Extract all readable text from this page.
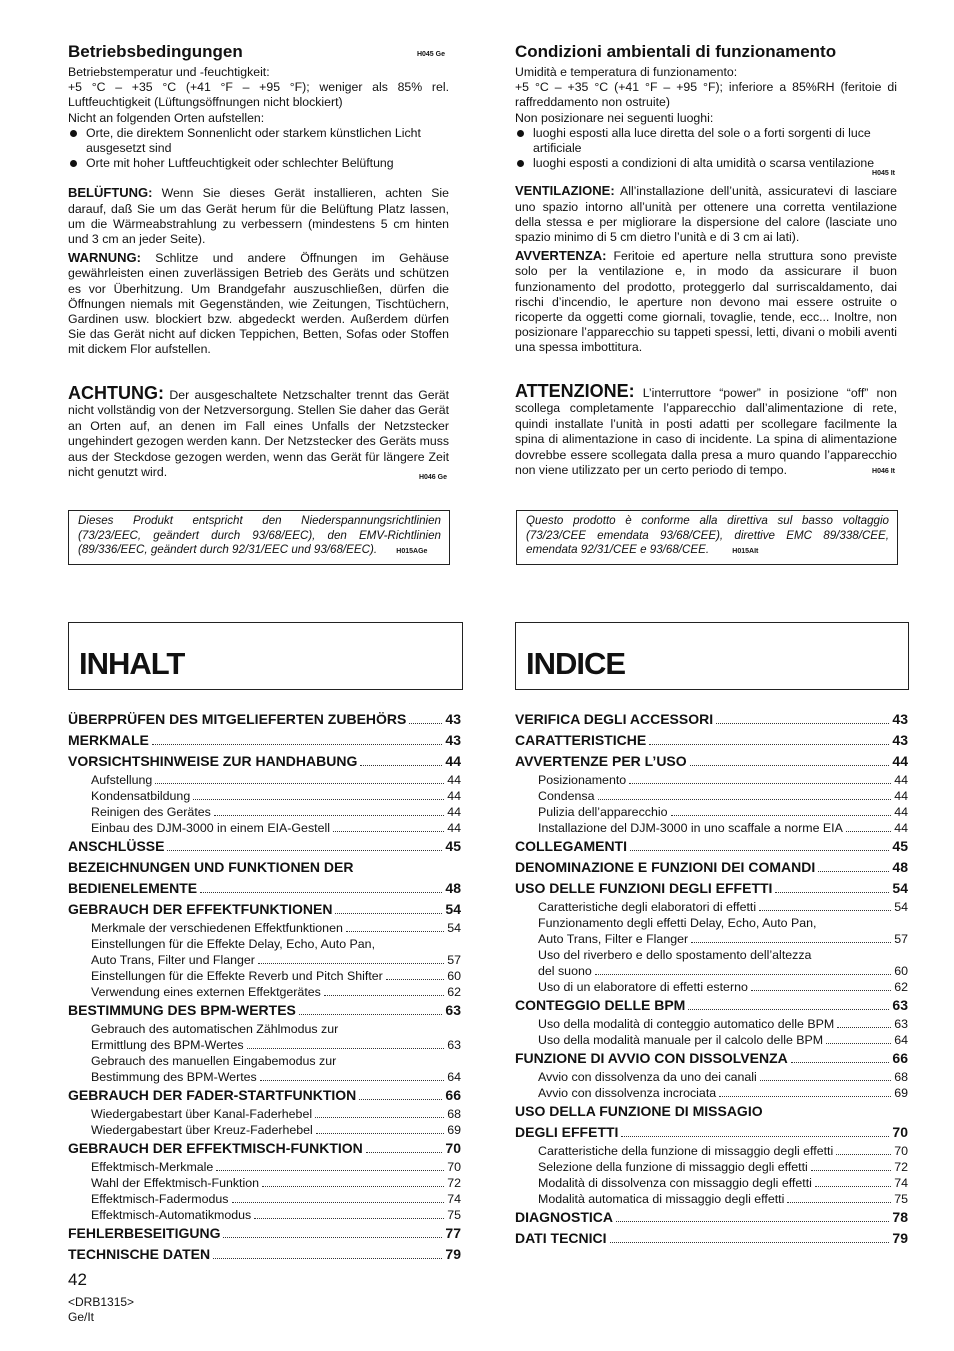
Betriebsbedingungen	H045 Ge

Betriebstemperatur und -feuchtigkeit:

+5 °C – +35 °C (+41 °F – +95 °F); weniger als 85% rel. Luftfeuchtigkeit (Lüftungsöffnungen nicht blockiert)

Nicht an folgenden Orten aufstellen:

Orte, die direktem Sonnenlicht oder starkem künstlichen Licht ausgesetzt sind

Orte mit hoher Luftfeuchtigkeit oder schlechter Belüftung

BELÜFTUNG: Wenn Sie dieses Gerät installieren, achten Sie darauf, daß Sie um das Gerät herum für die Belüftung Platz lassen, um die Wärmeabstrahlung zu verbessern (mindestens 5 cm hinten und 3 cm an jeder Seite).

WARNUNG: Schlitze und andere Öffnungen im Gehäuse gewährleisten einen zuverlässigen Betrieb des Geräts und schützen es vor Überhitzung. Um Brandgefahr auszuschließen, dürfen die Öffnungen niemals mit Gegenständen, wie Zeitungen, Tischtüchern, Gardinen usw. blockiert bzw. abgedeckt werden. Außerdem dürfen Sie das Gerät nicht auf dicken Teppichen, Betten, Sofas oder Stoffen mit dickem Flor aufstellen.

ACHTUNG: Der ausgeschaltete Netzschalter trennt das Gerät nicht vollständig von der Netzversorgung. Stellen Sie daher das Gerät an Orten auf, an denen im Fall eines Unfalls der Netzstecker ungehindert gezogen werden kann. Der Netzstecker des Geräts muss aus der Steckdose gezogen werden, wenn das Gerät für längere Zeit nicht genutzt wird.	H046 Ge
Dieses Produkt entspricht den Niederspannungsrichtlinien (73/23/EEC, geändert durch 93/68/EEC), den EMV-Richtlinien (89/336/EEC, geändert durch 92/31/EEC und 93/68/EEC).	H015AGe
Condizioni ambientali di funzionamento

Umidità e temperatura di funzionamento:

+5 °C – +35 °C (+41 °F – +95 °F); inferiore a 85%RH (feritoie di raffreddamento non ostruite)

Non posizionare nei seguenti luoghi:

luoghi esposti alla luce diretta del sole o a forti sorgenti di luce artificiale

luoghi esposti a condizioni di alta umidità o scarsa ventilazione

H045 It

VENTILAZIONE: All’installazione dell’unità, assicuratevi di lasciare uno spazio intorno all’unità per ottenere una corretta ventilazione della stessa e per migliorare la dispersione del calore (lasciate uno spazio minimo di 5 cm dietro l’unità e di 3 cm ai lati).

AVVERTENZA: Feritoie ed aperture nella struttura sono previste solo per la ventilazione e, in modo da assicurare il buon funzionamento del prodotto, proteggerlo dal surriscaldamento, dai rischi d’incendio, le aperture non devono mai essere ostruite o ricoperte da oggetti come giornali, tovaglie, tende, ecc... Inoltre, non posizionare l’apparecchio su tappeti spessi, letti, divani o mobili aventi una spessa imbottitura.

ATTENZIONE: L’interruttore “power” in posizione “off” non scollega completamente l’apparecchio dall’alimentazione di rete, quindi installate l’unità in posti adatti per scollegare facilmente la spina di alimentazione in caso di incidente. La spina di alimentazione dovrebbe essere scollegata dalla presa a muro quando l’apparecchio non viene utilizzato per un certo periodo di tempo.	H046 It
Questo prodotto è conforme alla direttiva sul basso voltaggio (73/23/CEE emendata 93/68/CEE), direttive EMC 89/338/CEE, emendata 92/31/CEE e 93/68/CEE.	H015AIt
INHALT	INDICE
ÜBERPRÜFEN DES MITGELIEFERTEN ZUBEHÖRS	43
MERKMALE	43
VORSICHTSHINWEISE ZUR HANDHABUNG	44
Aufstellung	44
Kondensatbildung	44
Reinigen des Gerätes	44
Einbau des DJM-3000 in einem EIA-Gestell	44
ANSCHLÜSSE	45
BEZEICHNUNGEN UND FUNKTIONEN DER
BEDIENELEMENTE	48
GEBRAUCH DER EFFEKTFUNKTIONEN	54
Merkmale der verschiedenen Effektfunktionen	54
Einstellungen für die Effekte Delay, Echo, Auto Pan,
Auto Trans, Filter und Flanger	57
Einstellungen für die Effekte Reverb und Pitch Shifter	60
Verwendung eines externen Effektgerätes	62
BESTIMMUNG DES BPM-WERTES	63
Gebrauch des automatischen Zählmodus zur
Ermittlung des BPM-Wertes	63
Gebrauch des manuellen Eingabemodus zur
Bestimmung des BPM-Wertes	64
GEBRAUCH DER FADER-STARTFUNKTION	66
Wiedergabestart über Kanal-Faderhebel	68
Wiedergabestart über Kreuz-Faderhebel	69
GEBRAUCH DER EFFEKTMISCH-FUNKTION	70
Effektmisch-Merkmale	70
Wahl der Effektmisch-Funktion	72
Effektmisch-Fadermodus	74
Effektmisch-Automatikmodus	75
FEHLERBESEITIGUNG	77
TECHNISCHE DATEN	79
VERIFICA DEGLI ACCESSORI	43
CARATTERISTICHE	43
AVVERTENZE PER L’USO	44
Posizionamento	44
Condensa	44
Pulizia dell’apparecchio	44
Installazione del DJM-3000 in uno scaffale a norme EIA	44
COLLEGAMENTI	45
DENOMINAZIONE E FUNZIONI DEI COMANDI	48
USO DELLE FUNZIONI DEGLI EFFETTI	54
Caratteristiche degli elaboratori di effetti	54
Funzionamento degli effetti Delay, Echo, Auto Pan,
Auto Trans, Filter e Flanger	57
Uso del riverbero e dello spostamento dell’altezza
del suono	60
Uso di un elaboratore di effetti esterno	62
CONTEGGIO DELLE BPM	63
Uso della modalità di conteggio automatico delle BPM	63
Uso della modalità manuale per il calcolo delle BPM	64
FUNZIONE DI AVVIO CON DISSOLVENZA	66
Avvio con dissolvenza da uno dei canali	68
Avvio con dissolvenza incrociata	69
USO DELLA FUNZIONE DI MISSAGIO
DEGLI EFFETTI	70
Caratteristiche della funzione di missaggio degli effetti	70
Selezione della funzione di missaggio degli effetti	72
Modalità di dissolvenza con missaggio degli effetti	74
Modalità automatica di missaggio degli effetti	75
DIAGNOSTICA	78
DATI TECNICI	79
42
<DRB1315>
Ge/It
